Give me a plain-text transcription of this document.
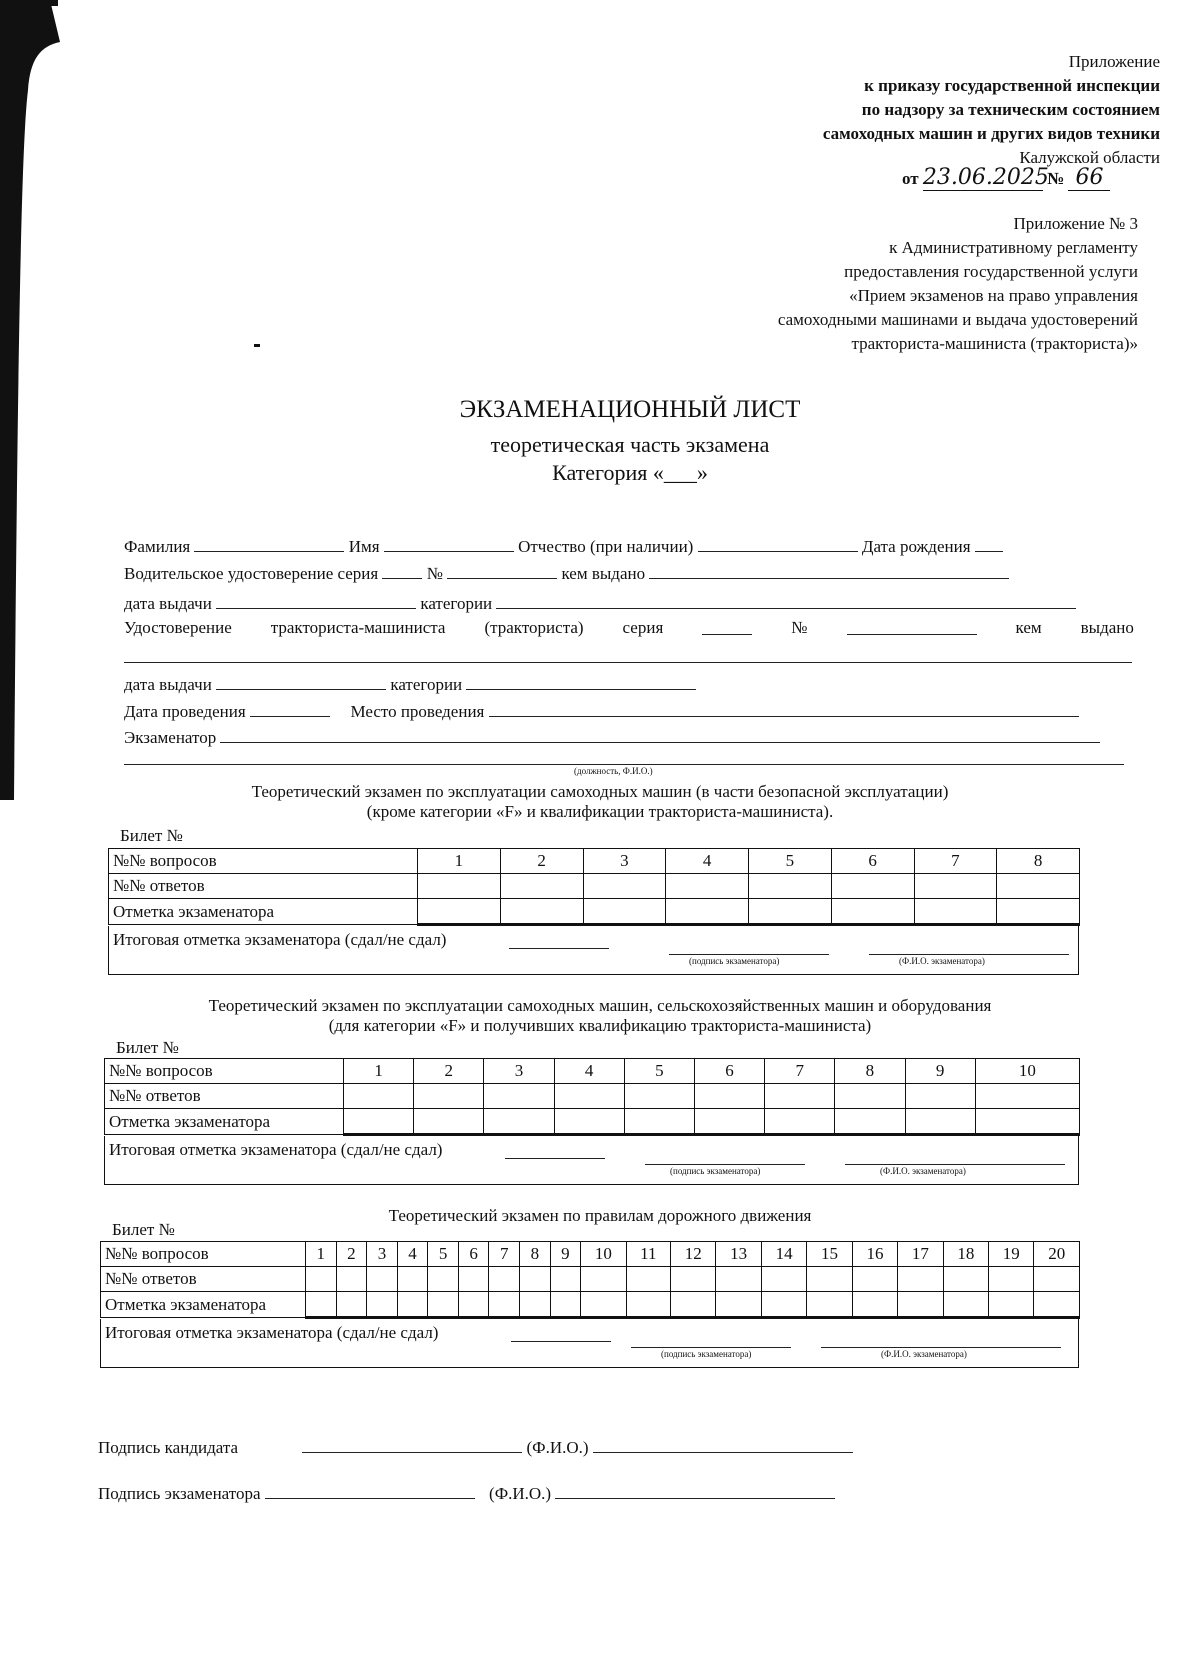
Приложение
к приказу государственной инспекции
по надзору за техническим состоянием
самоходных машин и других видов техники
Калужской области
от 23.06.2025 № 66
Приложение № 3
к Административному регламенту
предоставления государственной услуги
«Прием экзаменов на право управления
самоходными машинами и выдача удостоверений
тракториста-машиниста (тракториста)»
ЭКЗАМЕНАЦИОННЫЙ ЛИСТ
теоретическая часть экзамена
Категория «___»
Фамилия	Имя	Отчество (при наличии)	Дата рождения
Водительское удостоверение серия	№	кем выдано
дата выдачи	категории
Удостоверение тракториста-машиниста (тракториста) серия	№	кем выдано
дата выдачи	категории
Дата проведения	Место проведения
Экзаменатор
(должность, Ф.И.О.)
Теоретический экзамен по эксплуатации самоходных машин (в части безопасной эксплуатации)
(кроме категории «F» и квалификации тракториста-машиниста).
Билет №
№№ вопросов	1	2	3	4	5	6	7	8
№№ ответов								
Отметка экзаменатора								
Итоговая отметка экзаменатора (сдал/не сдал)
(подпись экзаменатора)	(Ф.И.О. экзаменатора)
Теоретический экзамен по эксплуатации самоходных машин, сельскохозяйственных машин и оборудования
(для категории «F» и получивших квалификацию тракториста-машиниста)
Билет №
№№ вопросов	1	2	3	4	5	6	7	8	9	10
№№ ответов										
Отметка экзаменатора										
Итоговая отметка экзаменатора (сдал/не сдал)
(подпись экзаменатора)	(Ф.И.О. экзаменатора)
Теоретический экзамен по правилам дорожного движения
Билет №
№№ вопросов	1	2	3	4	5	6	7	8	9	10	11	12	13	14	15	16	17	18	19	20
№№ ответов																				
Отметка экзаменатора																				
Итоговая отметка экзаменатора (сдал/не сдал)
(подпись экзаменатора)	(Ф.И.О. экзаменатора)
Подпись кандидата	(Ф.И.О.)
Подпись экзаменатора	(Ф.И.О.)
